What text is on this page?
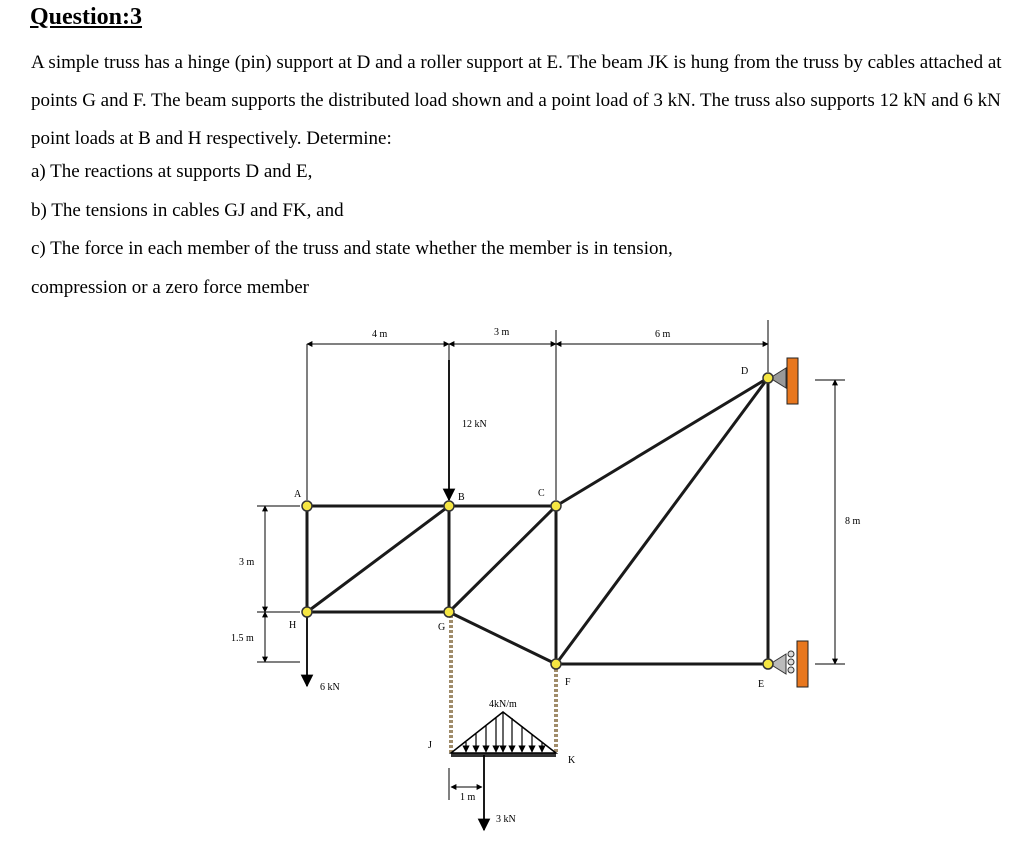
Question:3

A simple truss has a hinge (pin) support at D and a roller support at E. The beam JK is hung from the truss by cables attached at points G and F. The beam supports the distributed load shown and a point load of 3 kN. The truss also supports 12 kN and 6 kN point loads at B and H respectively. Determine:

a) The reactions at supports D and E,

b) The tensions in cables GJ and FK, and

c) The force in each member of the truss and state whether the member is in tension,

compression or a zero force member

A	B	C
D
E
F
G
H
J
K
4 m	3 m	6 m
3 m
1.5 m
8 m
1 m
12 kN
6 kN
4kN/m
3 kN
